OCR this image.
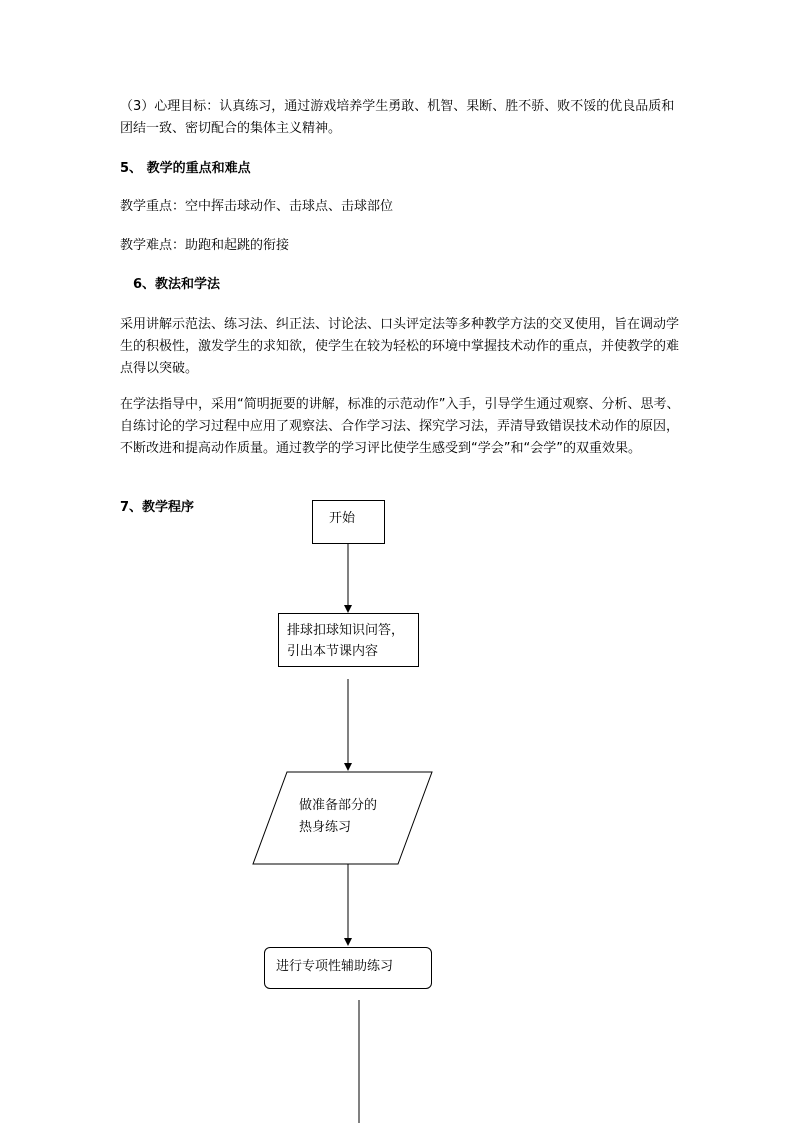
（3）心理目标：认真练习，通过游戏培养学生勇敢、机智、果断、胜不骄、败不馁的优良品质和团结一致、密切配合的集体主义精神。

5、 教学的重点和难点

教学重点：空中挥击球动作、击球点、击球部位

教学难点：助跑和起跳的衔接

6、教法和学法

采用讲解示范法、练习法、纠正法、讨论法、口头评定法等多种教学方法的交叉使用，旨在调动学生的积极性，激发学生的求知欲，使学生在较为轻松的环境中掌握技术动作的重点，并使教学的难点得以突破。

在学法指导中，采用“简明扼要的讲解，标准的示范动作”入手，引导学生通过观察、分析、思考、自练讨论的学习过程中应用了观察法、合作学习法、探究学习法，弄清导致错误技术动作的原因，不断改进和提高动作质量。通过教学的学习评比使学生感受到“学会”和“会学”的双重效果。

7、教学程序

开始
排球扣球知识问答，
引出本节课内容
做准备部分的
热身练习
进行专项性辅助练习
